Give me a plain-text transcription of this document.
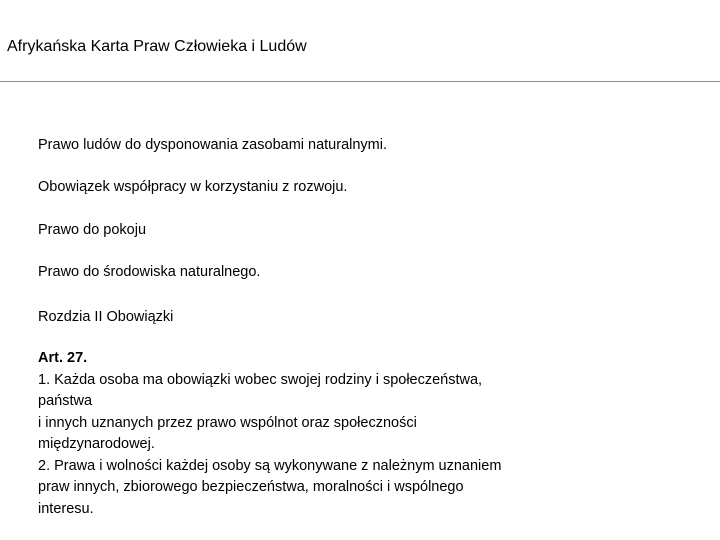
Afrykańska Karta Praw Człowieka i Ludów
Prawo ludów do dysponowania zasobami naturalnymi.
Obowiązek współpracy w korzystaniu z rozwoju.
Prawo do pokoju
Prawo do środowiska naturalnego.
Rozdzia II Obowiązki
Art. 27.
1. Każda osoba ma obowiązki wobec swojej rodziny i społeczeństwa,
państwa
i innych uznanych przez prawo wspólnot oraz społeczności
międzynarodowej.
2. Prawa i wolności każdej osoby są wykonywane z należnym uznaniem
praw innych, zbiorowego bezpieczeństwa, moralności i wspólnego
interesu.
